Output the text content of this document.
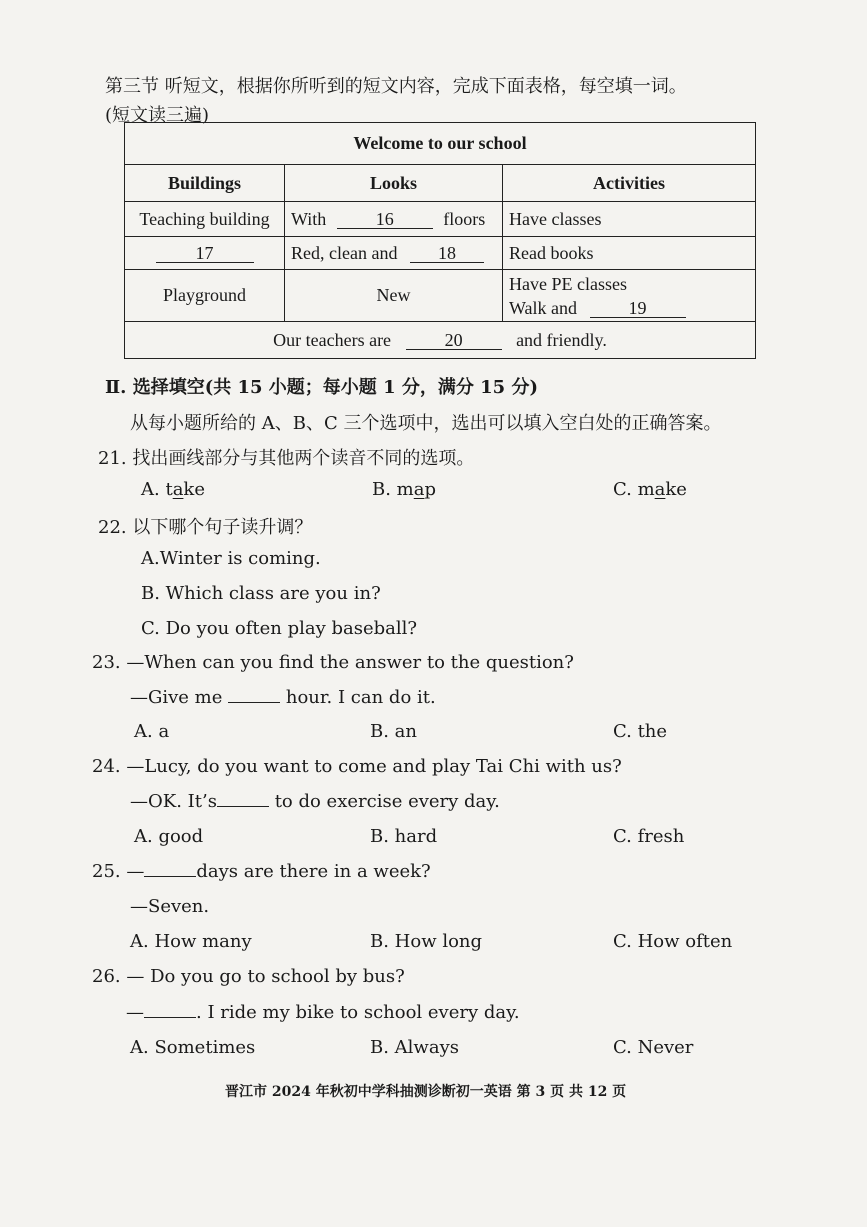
第三节 听短文，根据你所听到的短文内容，完成下面表格，每空填一词。
(短文读三遍)
Welcome to our school		
Buildings	Looks	Activities
Teaching building	With 16 floors	Have classes
17	Red, clean and 18	Read books
Playground	New	Have PE classes
Walk and 19

Our teachers are 20 and friendly.		
Ⅱ. 选择填空(共 15 小题；每小题 1 分，满分 15 分)
从每小题所给的 A、B、C 三个选项中，选出可以填入空白处的正确答案。
21. 找出画线部分与其他两个读音不同的选项。
A. take	B. map	C. make
22. 以下哪个句子读升调？
A.Winter is coming.
B. Which class are you in?
C. Do you often play baseball?
23. —When can you find the answer to the question?
—Give me	hour. I can do it.
A. a	B. an	C. the
24. —Lucy, do you want to come and play Tai Chi with us?
—OK. It’s	to do exercise every day.
A. good	B. hard	C. fresh
25. —	days are there in a week?
—Seven.
A. How many	B. How long	C. How often
26. — Do you go to school by bus?
—	. I ride my bike to school every day.
A. Sometimes	B. Always	C. Never
晋江市 2024 年秋初中学科抽测诊断初一英语 第 3 页 共 12 页
